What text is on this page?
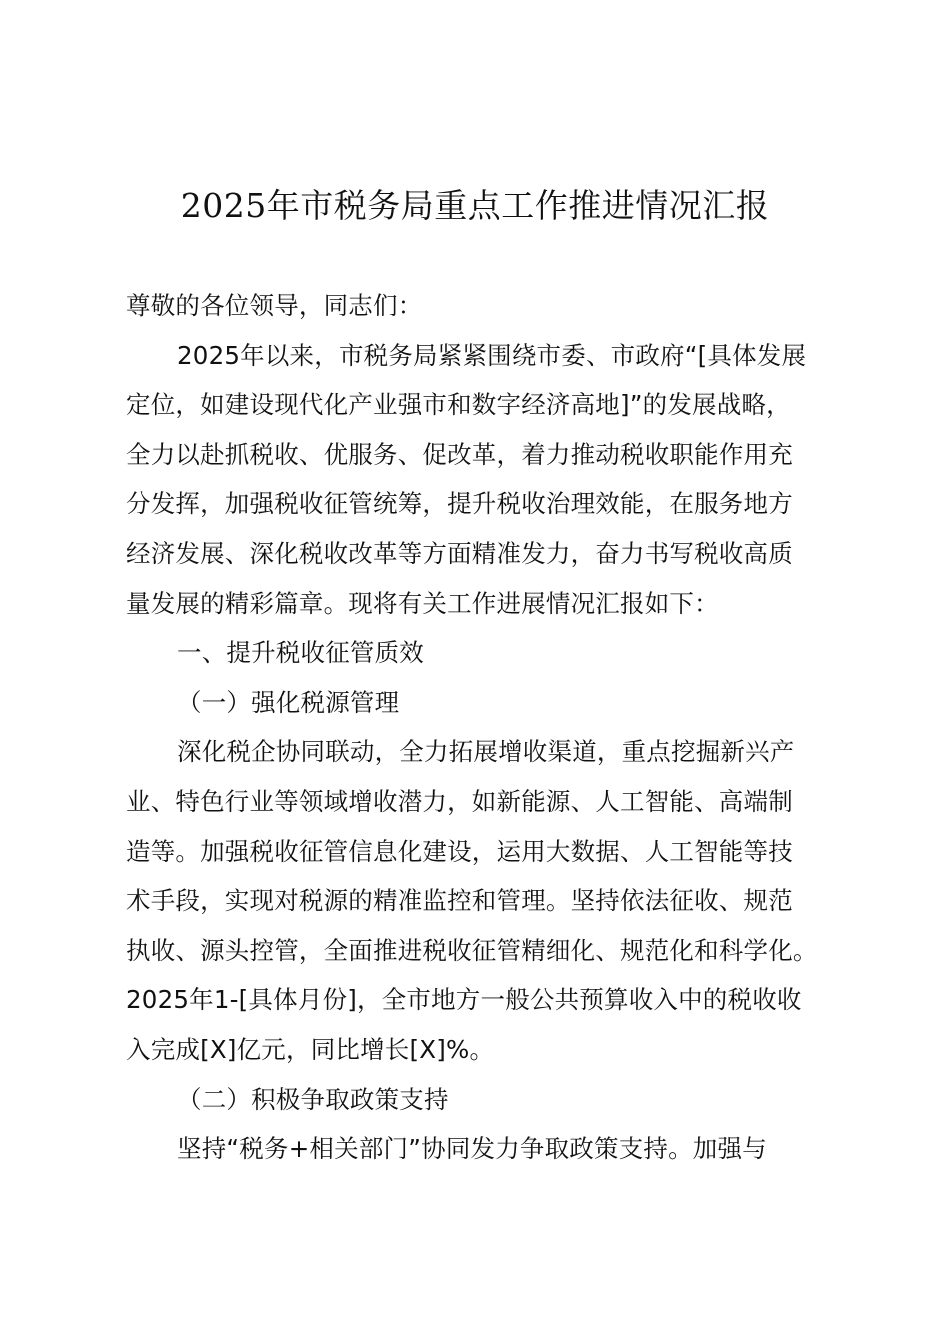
2025年市税务局重点工作推进情况汇报
尊敬的各位领导，同志们：
2025年以来，市税务局紧紧围绕市委、市政府“[具体发展
定位，如建设现代化产业强市和数字经济高地]”的发展战略，
全力以赴抓税收、优服务、促改革，着力推动税收职能作用充
分发挥，加强税收征管统筹，提升税收治理效能，在服务地方
经济发展、深化税收改革等方面精准发力，奋力书写税收高质
量发展的精彩篇章。现将有关工作进展情况汇报如下：
一、提升税收征管质效
（一）强化税源管理
深化税企协同联动，全力拓展增收渠道，重点挖掘新兴产
业、特色行业等领域增收潜力，如新能源、人工智能、高端制
造等。加强税收征管信息化建设，运用大数据、人工智能等技
术手段，实现对税源的精准监控和管理。坚持依法征收、规范
执收、源头控管，全面推进税收征管精细化、规范化和科学化。
2025年1-[具体月份]，全市地方一般公共预算收入中的税收收
入完成[X]亿元，同比增长[X]%。
（二）积极争取政策支持
坚持“税务+相关部门”协同发力争取政策支持。加强与
